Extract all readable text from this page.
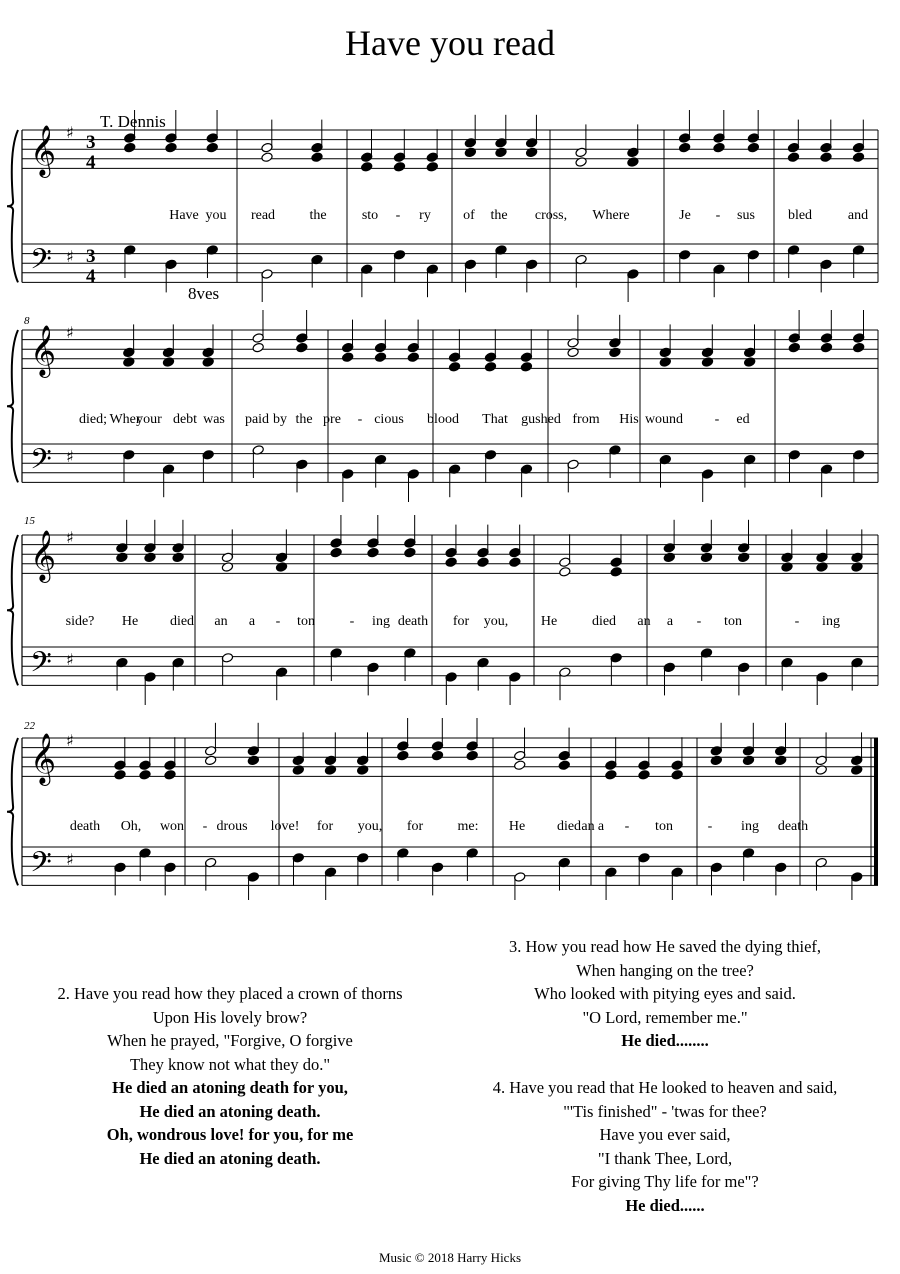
Have you read
T. Dennis
8ves
8
15
22
𝄞 ♯ 3
4
𝄢 ♯ 3
4
𝄞 ♯
𝄢 ♯
𝄞 ♯
𝄢 ♯
𝄞 ♯
𝄢 ♯
Have you read the	sto - ry of the cross, Where	Je - sus bled	and
died; Wher
your debt was paid by the pre - cious blood That gushed from His wound - ed
side? He died an a - ton - ing death for you, He died an a - ton	- ing
death Oh, won - drous love! for you, for me: He died an a - ton - ing death
2. Have you read how they placed a crown of thorns
Upon His lovely brow?
When he prayed, "Forgive, O forgive
They know not what they do."
He died an atoning death for you,
He died an atoning death.
Oh, wondrous love! for you, for me
He died an atoning death.
3. How you read how He saved the dying thief,
When hanging on the tree?
Who looked with pitying eyes and said.
"O Lord, remember me."
He died........
4. Have you read that He looked to heaven and said,
"'Tis finished" - 'twas for thee?
Have you ever said,
"I thank Thee, Lord,
For giving Thy life for me"?
He died......
Music © 2018 Harry Hicks
